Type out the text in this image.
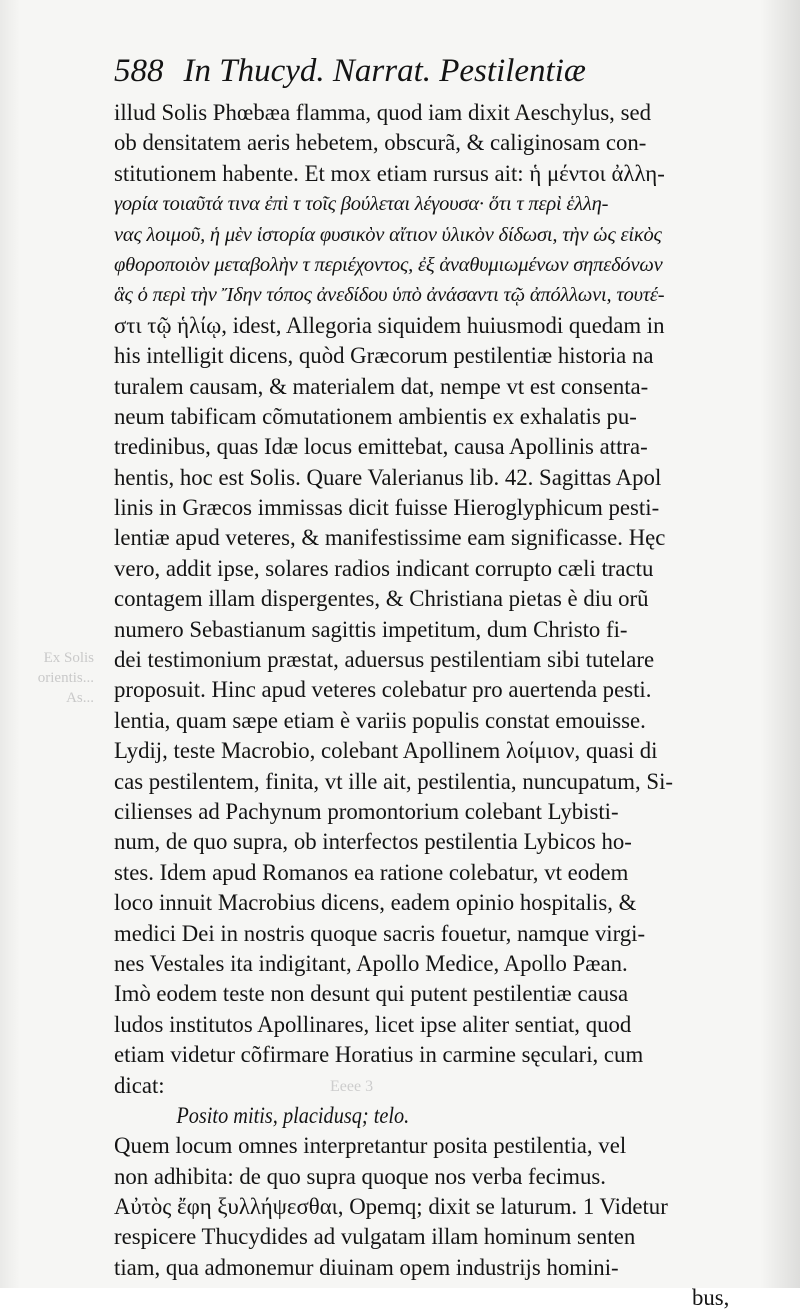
588 In Thucyd. Narrat. Pestilentiæ
Ex Solis orientis... As...
Eeee 3
illud Solis Phœbæa flamma, quod iam dixit Aeschylus, sed
ob densitatem aeris hebetem, obscurã, & caliginosam con-
stitutionem habente. Et mox etiam rursus ait: ἡ μέντοι ἀλλη-
γορία τοιαῦτά τινα ἐπὶ τ τοῖς βούλεται λέγουσα· ὅτι τ περὶ ἑλλη-
νας λοιμοῦ, ἡ μὲν ἱστορία φυσικὸν αἴτιον ὑλικὸν δίδωσι, τὴν ὡς εἰκὸς
φθοροποιὸν μεταβολὴν τ περιέχοντος, ἐξ ἀναθυμιωμένων σηπεδόνων
ἃς ὁ περὶ τὴν Ἴδην τόπος ἀνεδίδου ὑπὸ ἀνάσαντι τῷ ἀπόλλωνι, τουτέ-
στι τῷ ἡλίῳ, idest, Allegoria siquidem huiusmodi quedam in
his intelligit dicens, quòd Græcorum pestilentiæ historia na
turalem causam, & materialem dat, nempe vt est consenta-
neum tabificam cõmutationem ambientis ex exhalatis pu-
tredinibus, quas Idæ locus emittebat, causa Apollinis attra-
hentis, hoc est Solis. Quare Valerianus lib. 42. Sagittas Apol
linis in Græcos immissas dicit fuisse Hieroglyphicum pesti-
lentiæ apud veteres, & manifestissime eam significasse. Hęc
vero, addit ipse, solares radios indicant corrupto cæli tractu
contagem illam dispergentes, & Christiana pietas è diu orũ
numero Sebastianum sagittis impetitum, dum Christo fi-
dei testimonium præstat, aduersus pestilentiam sibi tutelare
proposuit. Hinc apud veteres colebatur pro auertenda pesti.
lentia, quam sæpe etiam è variis populis constat emouisse.
Lydij, teste Macrobio, colebant Apollinem λοίμιον, quasi di
cas pestilentem, finita, vt ille ait, pestilentia, nuncupatum, Si-
cilienses ad Pachynum promontorium colebant Lybisti-
num, de quo supra, ob interfectos pestilentia Lybicos ho-
stes. Idem apud Romanos ea ratione colebatur, vt eodem
loco innuit Macrobius dicens, eadem opinio hospitalis, &
medici Dei in nostris quoque sacris fouetur, namque virgi-
nes Vestales ita indigitant, Apollo Medice, Apollo Pæan.
Imò eodem teste non desunt qui putent pestilentiæ causa
ludos institutos Apollinares, licet ipse aliter sentiat, quod
etiam videtur cõfirmare Horatius in carmine sęculari, cum
dicat:
Posito mitis, placidusq; telo.
Quem locum omnes interpretantur posita pestilentia, vel
non adhibita: de quo supra quoque nos verba fecimus.
Αὐτὸς ἔφη ξυλλήψεσθαι, Opemq; dixit se laturum. 1 Videtur
respicere Thucydides ad vulgatam illam hominum senten
tiam, qua admonemur diuinam opem industrijs homini-
bus,
